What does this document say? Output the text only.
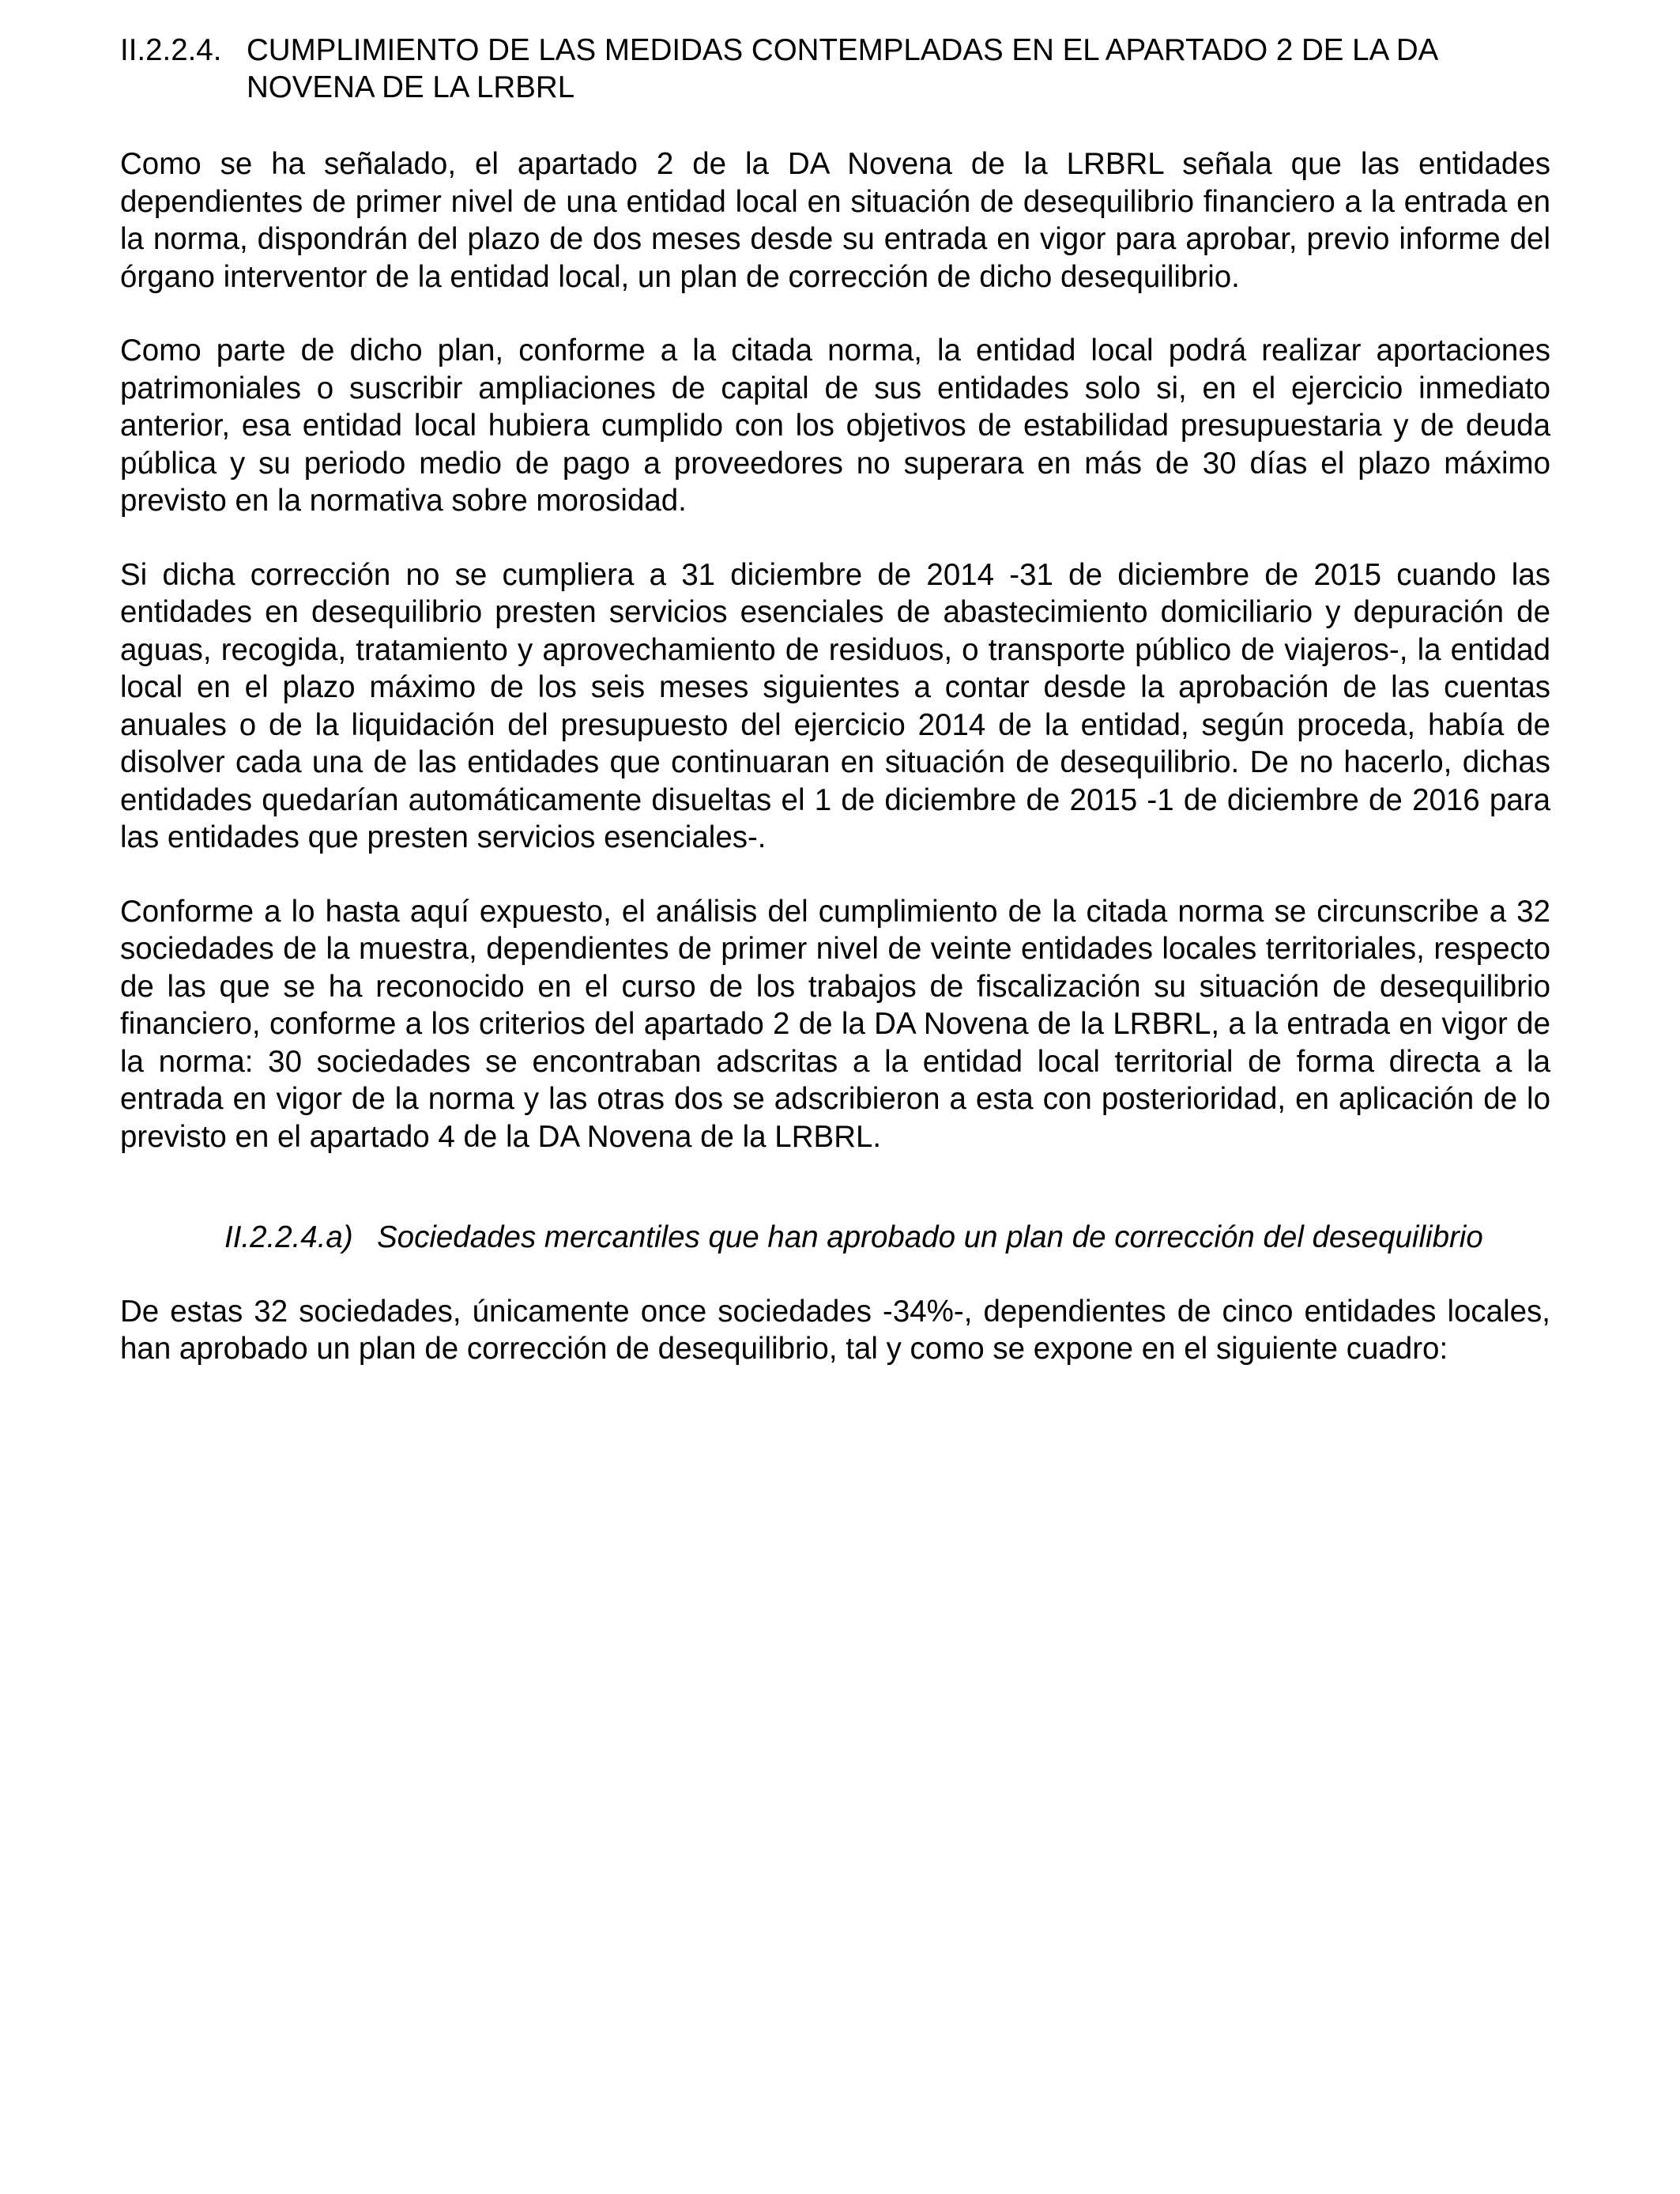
II.2.2.4. CUMPLIMIENTO DE LAS MEDIDAS CONTEMPLADAS EN EL APARTADO 2 DE LA DA NOVENA DE LA LRBRL

Como se ha señalado, el apartado 2 de la DA Novena de la LRBRL señala que las entidades dependientes de primer nivel de una entidad local en situación de desequilibrio financiero a la entrada en la norma, dispondrán del plazo de dos meses desde su entrada en vigor para aprobar, previo informe del órgano interventor de la entidad local, un plan de corrección de dicho desequilibrio.

Como parte de dicho plan, conforme a la citada norma, la entidad local podrá realizar aportaciones patrimoniales o suscribir ampliaciones de capital de sus entidades solo si, en el ejercicio inmediato anterior, esa entidad local hubiera cumplido con los objetivos de estabilidad presupuestaria y de deuda pública y su periodo medio de pago a proveedores no superara en más de 30 días el plazo máximo previsto en la normativa sobre morosidad.

Si dicha corrección no se cumpliera a 31 diciembre de 2014 -31 de diciembre de 2015 cuando las entidades en desequilibrio presten servicios esenciales de abastecimiento domiciliario y depuración de aguas, recogida, tratamiento y aprovechamiento de residuos, o transporte público de viajeros-, la entidad local en el plazo máximo de los seis meses siguientes a contar desde la aprobación de las cuentas anuales o de la liquidación del presupuesto del ejercicio 2014 de la entidad, según proceda, había de disolver cada una de las entidades que continuaran en situación de desequilibrio. De no hacerlo, dichas entidades quedarían automáticamente disueltas el 1 de diciembre de 2015 -1 de diciembre de 2016 para las entidades que presten servicios esenciales-.

Conforme a lo hasta aquí expuesto, el análisis del cumplimiento de la citada norma se circunscribe a 32 sociedades de la muestra, dependientes de primer nivel de veinte entidades locales territoriales, respecto de las que se ha reconocido en el curso de los trabajos de fiscalización su situación de desequilibrio financiero, conforme a los criterios del apartado 2 de la DA Novena de la LRBRL, a la entrada en vigor de la norma: 30 sociedades se encontraban adscritas a la entidad local territorial de forma directa a la entrada en vigor de la norma y las otras dos se adscribieron a esta con posterioridad, en aplicación de lo previsto en el apartado 4 de la DA Novena de la LRBRL.

II.2.2.4.a) Sociedades mercantiles que han aprobado un plan de corrección del desequilibrio

De estas 32 sociedades, únicamente once sociedades -34%-, dependientes de cinco entidades locales, han aprobado un plan de corrección de desequilibrio, tal y como se expone en el siguiente cuadro:
